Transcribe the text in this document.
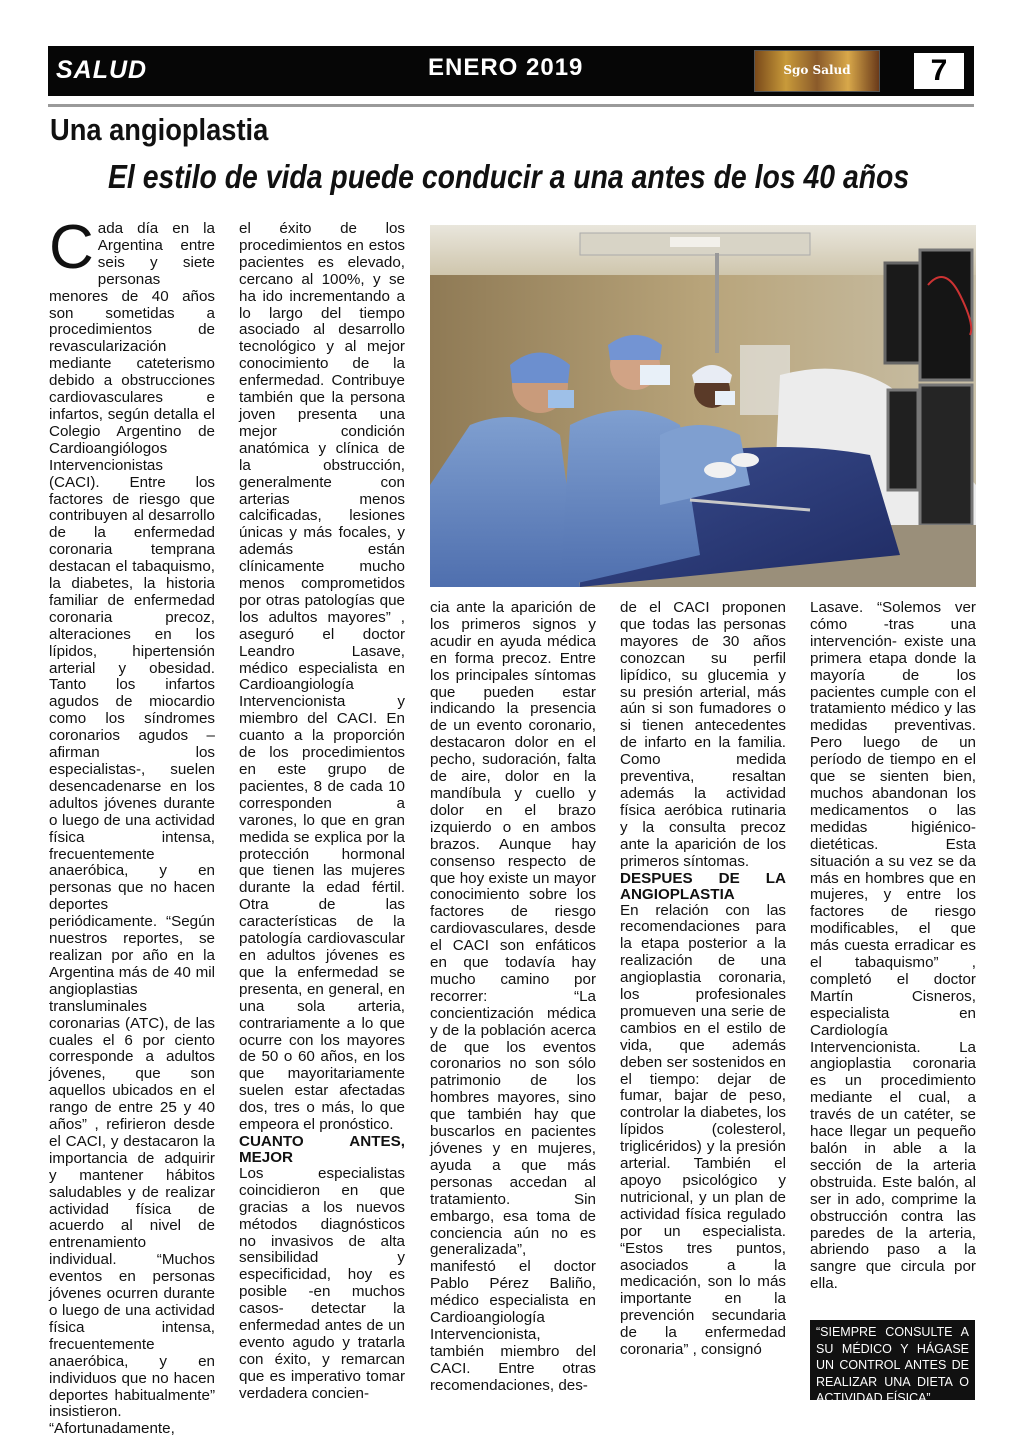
SALUD	ENERO 2019	Sgo Salud	7
Una angioplastia
El estilo de vida puede conducir a una antes de los 40 años
C ada día en la Argentina entre seis y siete personas menores de 40 años son sometidas a procedimientos de revascularización mediante cateterismo debido a obstrucciones cardiovasculares e infartos, según detalla el Colegio Argentino de Cardioangiólogos Intervencionistas (CACI). Entre los factores de riesgo que contribuyen al desarrollo de la enfermedad coronaria temprana destacan el tabaquismo, la diabetes, la historia familiar de enfermedad coronaria precoz, alteraciones en los lípidos, hipertensión arterial y obesidad. Tanto los infartos agudos de miocardio como los síndromes coronarios agudos –afirman los especialistas-, suelen desencadenarse en los adultos jóvenes durante o luego de una actividad física intensa, frecuentemente anaeróbica, y en personas que no hacen deportes periódicamente. “Según nuestros reportes, se realizan por año en la Argentina más de 40 mil angioplastias transluminales coronarias (ATC), de las cuales el 6 por ciento corresponde a adultos jóvenes, que son aquellos ubicados en el rango de entre 25 y 40 años” , refirieron desde el CACI, y destacaron la importancia de adquirir y mantener hábitos saludables y de realizar actividad física de acuerdo al nivel de entrenamiento individual. “Muchos eventos en personas jóvenes ocurren durante o luego de una actividad física intensa, frecuentemente anaeróbica, y en individuos que no hacen deportes habitualmente” insistieron. “Afortunadamente,

el éxito de los procedimientos en estos pacientes es elevado, cercano al 100%, y se ha ido incrementando a lo largo del tiempo asociado al desarrollo tecnológico y al mejor conocimiento de la enfermedad. Contribuye también que la persona joven presenta una mejor condición anatómica y clínica de la obstrucción, generalmente con arterias menos calcificadas, lesiones únicas y más focales, y además están clínicamente mucho menos comprometidos por otras patologías que los adultos mayores” , aseguró el doctor Leandro Lasave, médico especialista en Cardioangiología Intervencionista y miembro del CACI. En cuanto a la proporción de los procedimientos en este grupo de pacientes, 8 de cada 10 corresponden a varones, lo que en gran medida se explica por la protección hormonal que tienen las mujeres durante la edad fértil. Otra de las características de la patología cardiovascular en adultos jóvenes es que la enfermedad se presenta, en general, en una sola arteria, contrariamente a lo que ocurre con los mayores de 50 o 60 años, en los que mayoritariamente suelen estar afectadas dos, tres o más, lo que empeora el pronóstico.

CUANTO ANTES, MEJOR

Los especialistas coincidieron en que gracias a los nuevos métodos diagnósticos no invasivos de alta sensibilidad y especificidad, hoy es posible -en muchos casos- detectar la enfermedad antes de un evento agudo y tratarla con éxito, y remarcan que es imperativo tomar verdadera concien-

cia ante la aparición de los primeros signos y acudir en ayuda médica en forma precoz. Entre los principales síntomas que pueden estar indicando la presencia de un evento coronario, destacaron dolor en el pecho, sudoración, falta de aire, dolor en la mandíbula y cuello y dolor en el brazo izquierdo o en ambos brazos. Aunque hay consenso respecto de que hoy existe un mayor conocimiento sobre los factores de riesgo cardiovasculares, desde el CACI son enfáticos en que todavía hay mucho camino por recorrer: “La concientización médica y de la población acerca de que los eventos coronarios no son sólo patrimonio de los hombres mayores, sino que también hay que buscarlos en pacientes jóvenes y en mujeres, ayuda a que más personas accedan al tratamiento. Sin embargo, esa toma de conciencia aún no es generalizada”, manifestó el doctor Pablo Pérez Baliño, médico especialista en Cardioangiología Intervencionista, también miembro del CACI. Entre otras recomendaciones, des-

de el CACI proponen que todas las personas mayores de 30 años conozcan su perfil lipídico, su glucemia y su presión arterial, más aún si son fumadores o si tienen antecedentes de infarto en la familia. Como medida preventiva, resaltan además la actividad física aeróbica rutinaria y la consulta precoz ante la aparición de los primeros síntomas.

DESPUES DE LA ANGIOPLASTIA

En relación con las recomendaciones para la etapa posterior a la realización de una angioplastia coronaria, los profesionales promueven una serie de cambios en el estilo de vida, que además deben ser sostenidos en el tiempo: dejar de fumar, bajar de peso, controlar la diabetes, los lípidos (colesterol, triglicéridos) y la presión arterial. También el apoyo psicológico y nutricional, y un plan de actividad física regulado por un especialista. “Estos tres puntos, asociados a la medicación, son lo más importante en la prevención secundaria de la enfermedad coronaria” , consignó

Lasave. “Solemos ver cómo -tras una intervención- existe una primera etapa donde la mayoría de los pacientes cumple con el tratamiento médico y las medidas preventivas. Pero luego de un período de tiempo en el que se sienten bien, muchos abandonan los medicamentos o las medidas higiénico-dietéticas. Esta situación a su vez se da más en hombres que en mujeres, y entre los factores de riesgo modificables, el que más cuesta erradicar es el tabaquismo” , completó el doctor Martín Cisneros, especialista en Cardiología Intervencionista. La angioplastia coronaria es un procedimiento mediante el cual, a través de un catéter, se hace llegar un pequeño balón in able a la sección de la arteria obstruida. Este balón, al ser in ado, comprime la obstrucción contra las paredes de la arteria, abriendo paso a la sangre que circula por ella.

“SIEMPRE CONSULTE A SU MÉDICO Y HÁGASE UN CONTROL ANTES DE REALIZAR UNA DIETA O ACTIVIDAD FÍSICA”
